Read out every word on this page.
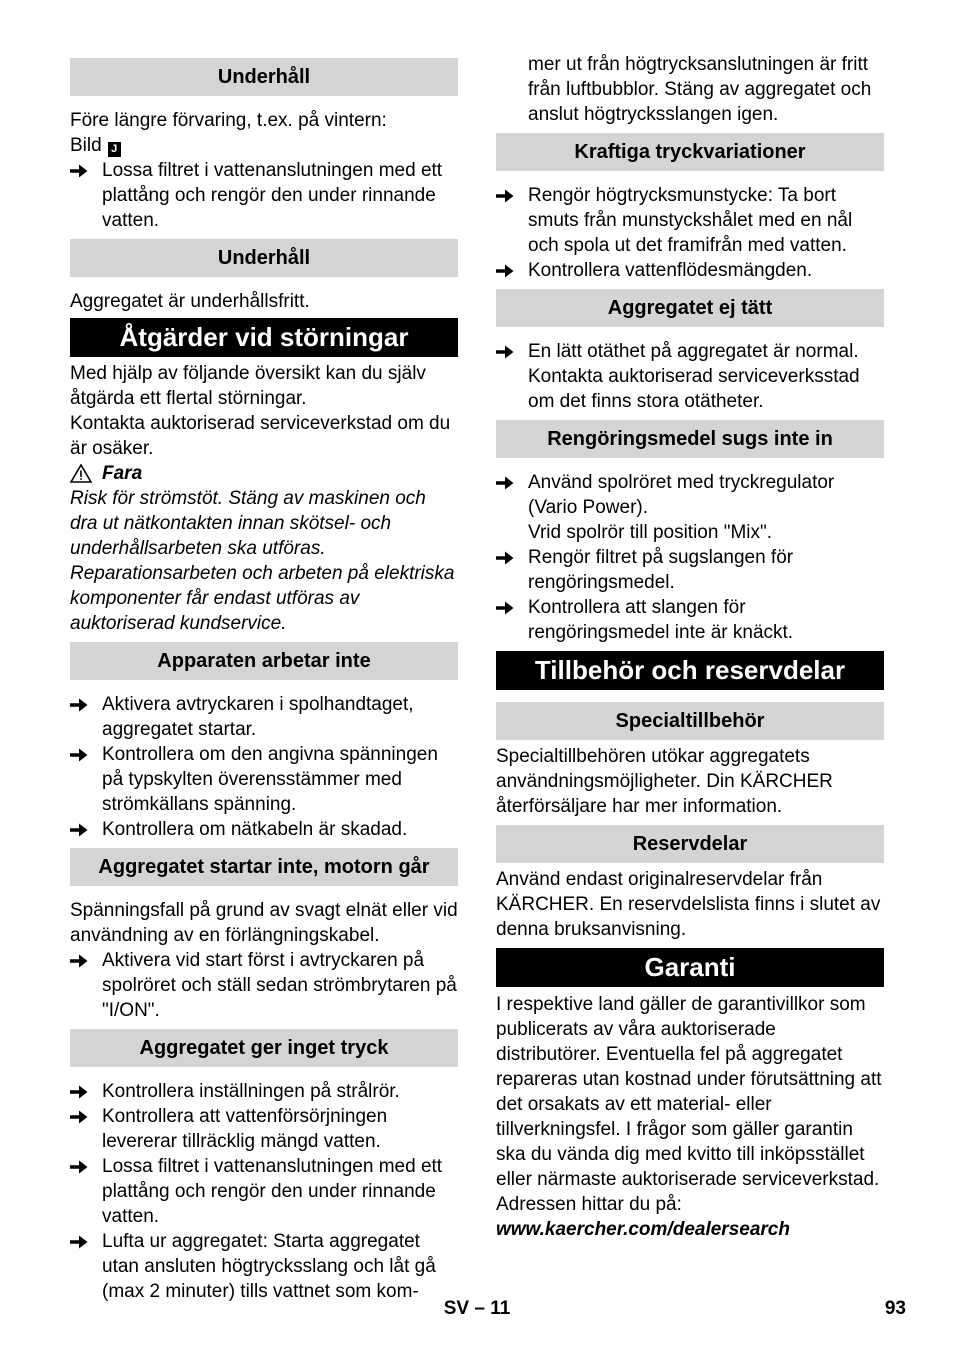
Underhåll

Före längre förvaring, t.ex. på vintern:

Bild J

Lossa filtret i vattenanslutningen med ett plattång och rengör den under rinnande vatten.
Underhåll

Aggregatet är underhållsfritt.

Åtgärder vid störningar

Med hjälp av följande översikt kan du själv åtgärda ett flertal störningar.

Kontakta auktoriserad serviceverkstad om du är osäker.

Fara

Risk för strömstöt. Stäng av maskinen och dra ut nätkontakten innan skötsel- och underhållsarbeten ska utföras.

Reparationsarbeten och arbeten på elektriska komponenter får endast utföras av auktoriserad kundservice.

Apparaten arbetar inte
Aktivera avtryckaren i spolhandtaget, aggregatet startar.
Kontrollera om den angivna spänningen på typskylten överensstämmer med strömkällans spänning.
Kontrollera om nätkabeln är skadad.
Aggregatet startar inte, motorn går

Spänningsfall på grund av svagt elnät eller vid användning av en förlängningskabel.

Aktivera vid start först i avtryckaren på spolröret och ställ sedan strömbrytaren på "I/ON".
Aggregatet ger inget tryck
Kontrollera inställningen på strålrör.
Kontrollera att vattenförsörjningen levererar tillräcklig mängd vatten.
Lossa filtret i vattenanslutningen med ett plattång och rengör den under rinnande vatten.
Lufta ur aggregatet: Starta aggregatet utan ansluten högtrycksslang och låt gå (max 2 minuter) tills vattnet som kom-

mer ut från högtrycksanslutningen är fritt från luftbubblor. Stäng av aggregatet och anslut högtrycksslangen igen.

Kraftiga tryckvariationer
Rengör högtrycksmunstycke: Ta bort smuts från munstyckshålet med en nål och spola ut det framifrån med vatten.
Kontrollera vattenflödesmängden.
Aggregatet ej tätt
En lätt otäthet på aggregatet är normal. Kontakta auktoriserad serviceverksstad om det finns stora otätheter.
Rengöringsmedel sugs inte in
Använd spolröret med tryckregulator (Vario Power).
Vrid spolrör till position "Mix".
Rengör filtret på sugslangen för rengöringsmedel.
Kontrollera att slangen för rengöringsmedel inte är knäckt.
Tillbehör och reservdelar
Specialtillbehör

Specialtillbehören utökar aggregatets användningsmöjligheter. Din KÄRCHER återförsäljare har mer information.

Reservdelar

Använd endast originalreservdelar från KÄRCHER. En reservdelslista finns i slutet av denna bruksanvisning.

Garanti

I respektive land gäller de garantivillkor som publicerats av våra auktoriserade distributörer. Eventuella fel på aggregatet repareras utan kostnad under förutsättning att det orsakats av ett material- eller tillverkningsfel. I frågor som gäller garantin ska du vända dig med kvitto till inköpsstället eller närmaste auktoriserade serviceverkstad.

Adressen hittar du på:

www.kaercher.com/dealersearch

SV – 11	93
